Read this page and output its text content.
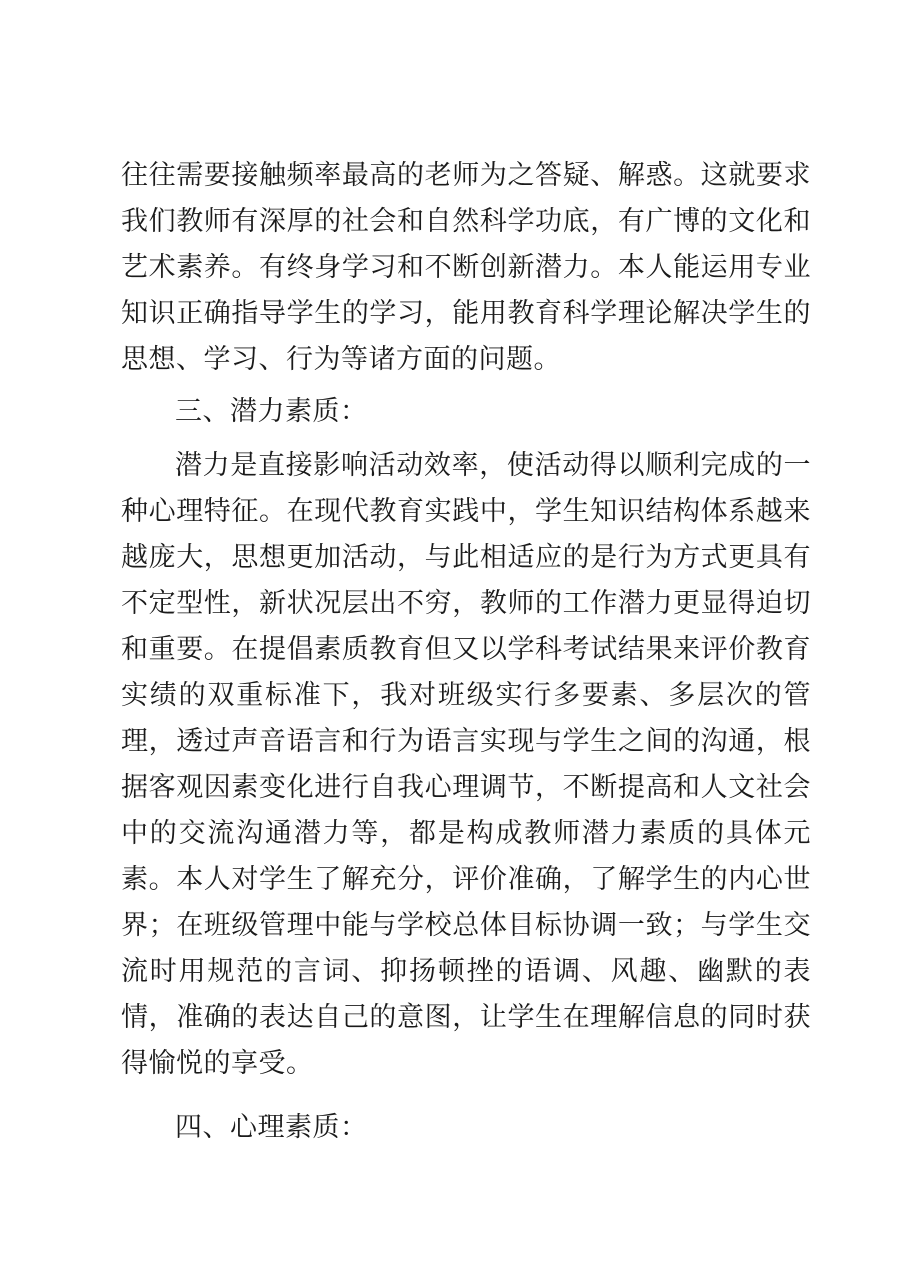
往往需要接触频率最高的老师为之答疑、解惑。这就要求我们教师有深厚的社会和自然科学功底，有广博的文化和艺术素养。有终身学习和不断创新潜力。本人能运用专业知识正确指导学生的学习，能用教育科学理论解决学生的思想、学习、行为等诸方面的问题。

三、潜力素质：

潜力是直接影响活动效率，使活动得以顺利完成的一种心理特征。在现代教育实践中，学生知识结构体系越来越庞大，思想更加活动，与此相适应的是行为方式更具有不定型性，新状况层出不穷，教师的工作潜力更显得迫切和重要。在提倡素质教育但又以学科考试结果来评价教育实绩的双重标准下，我对班级实行多要素、多层次的管理，透过声音语言和行为语言实现与学生之间的沟通，根据客观因素变化进行自我心理调节，不断提高和人文社会中的交流沟通潜力等，都是构成教师潜力素质的具体元素。本人对学生了解充分，评价准确，了解学生的内心世界；在班级管理中能与学校总体目标协调一致；与学生交流时用规范的言词、抑扬顿挫的语调、风趣、幽默的表情，准确的表达自己的意图，让学生在理解信息的同时获得愉悦的享受。

四、心理素质：
